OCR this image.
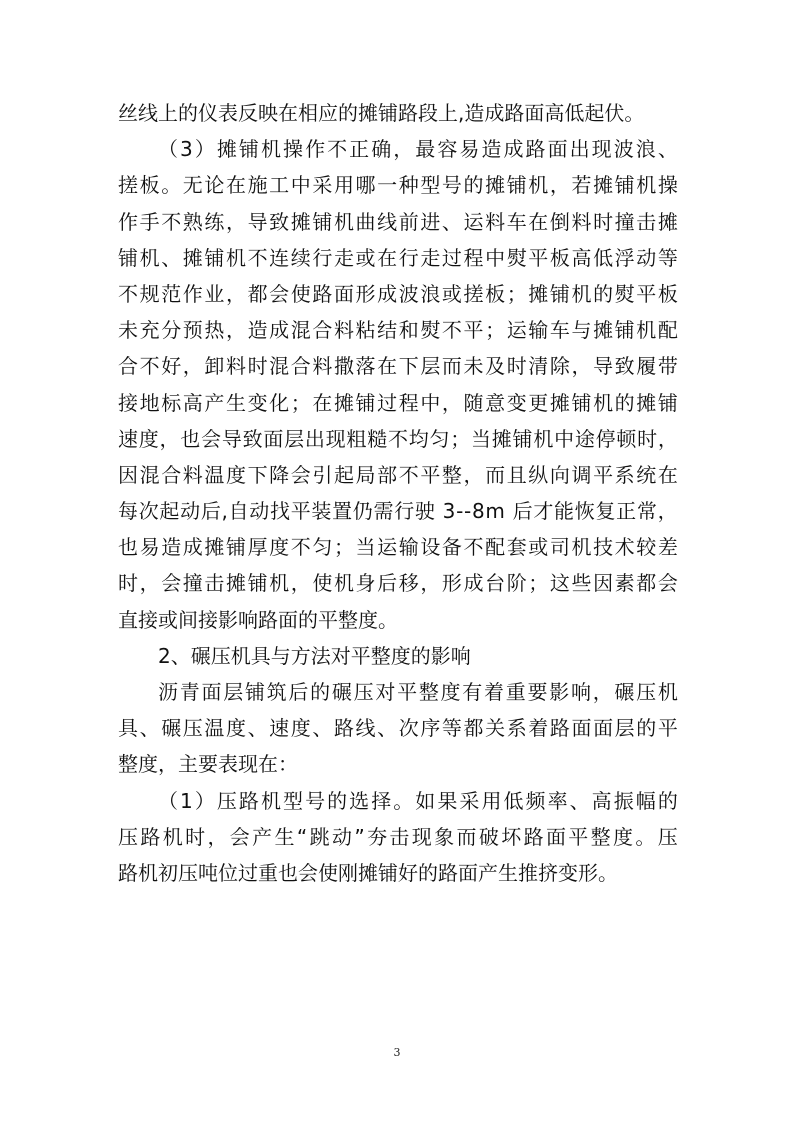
丝线上的仪表反映在相应的摊铺路段上,造成路面高低起伏。
（ 3 ） 摊 铺 机 操 作 不 正 确 ， 最 容 易 造 成 路 面 出 现 波 浪 、
搓 板 。 无 论 在 施 工 中 采 用 哪 一 种 型 号 的 摊 铺 机 ， 若 摊 铺 机 操
作 手 不 熟 练 ， 导 致 摊 铺 机 曲 线 前 进 、 运 料 车 在 倒 料 时 撞 击 摊
铺 机 、 摊 铺 机 不 连 续 行 走 或 在 行 走 过 程 中 熨 平 板 高 低 浮 动 等
不 规 范 作 业 ， 都 会 使 路 面 形 成 波 浪 或 搓 板 ； 摊 铺 机 的 熨 平 板
未 充 分 预 热 ， 造 成 混 合 料 粘 结 和 熨 不 平 ； 运 输 车 与 摊 铺 机 配
合 不 好 ， 卸 料 时 混 合 料 撒 落 在 下 层 而 未 及 时 清 除 ， 导 致 履 带
接 地 标 高 产 生 变 化 ； 在 摊 铺 过 程 中 ， 随 意 变 更 摊 铺 机 的 摊 铺
速 度 ， 也 会 导 致 面 层 出 现 粗 糙 不 均 匀 ； 当 摊 铺 机 中 途 停 顿 时 ，
因 混 合 料 温 度 下 降 会 引 起 局 部 不 平 整 ， 而 且 纵 向 调 平 系 统 在
每 次 起 动 后 , 自 动 找 平 装 置 仍 需 行 驶
3 - - 8 m
后 才 能 恢 复 正 常 ，
也 易 造 成 摊 铺 厚 度 不 匀 ； 当 运 输 设 备 不 配 套 或 司 机 技 术 较 差
时 ， 会 撞 击 摊 铺 机 ， 使 机 身 后 移 ， 形 成 台 阶 ； 这 些 因 素 都 会
直接或间接影响路面的平整度。
2、碾压机具与方法对平整度的影响
沥 青 面 层 铺 筑 后 的 碾 压 对 平 整 度 有 着 重 要 影 响 ， 碾 压 机
具 、 碾 压 温 度 、 速 度 、 路 线 、 次 序 等 都 关 系 着 路 面 面 层 的 平
整度，主要表现在：
（ 1 ） 压 路 机 型 号 的 选 择 。 如 果 采 用 低 频 率 、 高 振 幅 的
压 路 机 时 ， 会 产 生 “ 跳 动 ” 夯 击 现 象 而 破 坏 路 面 平 整 度 。 压
路机初压吨位过重也会使刚摊铺好的路面产生推挤变形。
3
